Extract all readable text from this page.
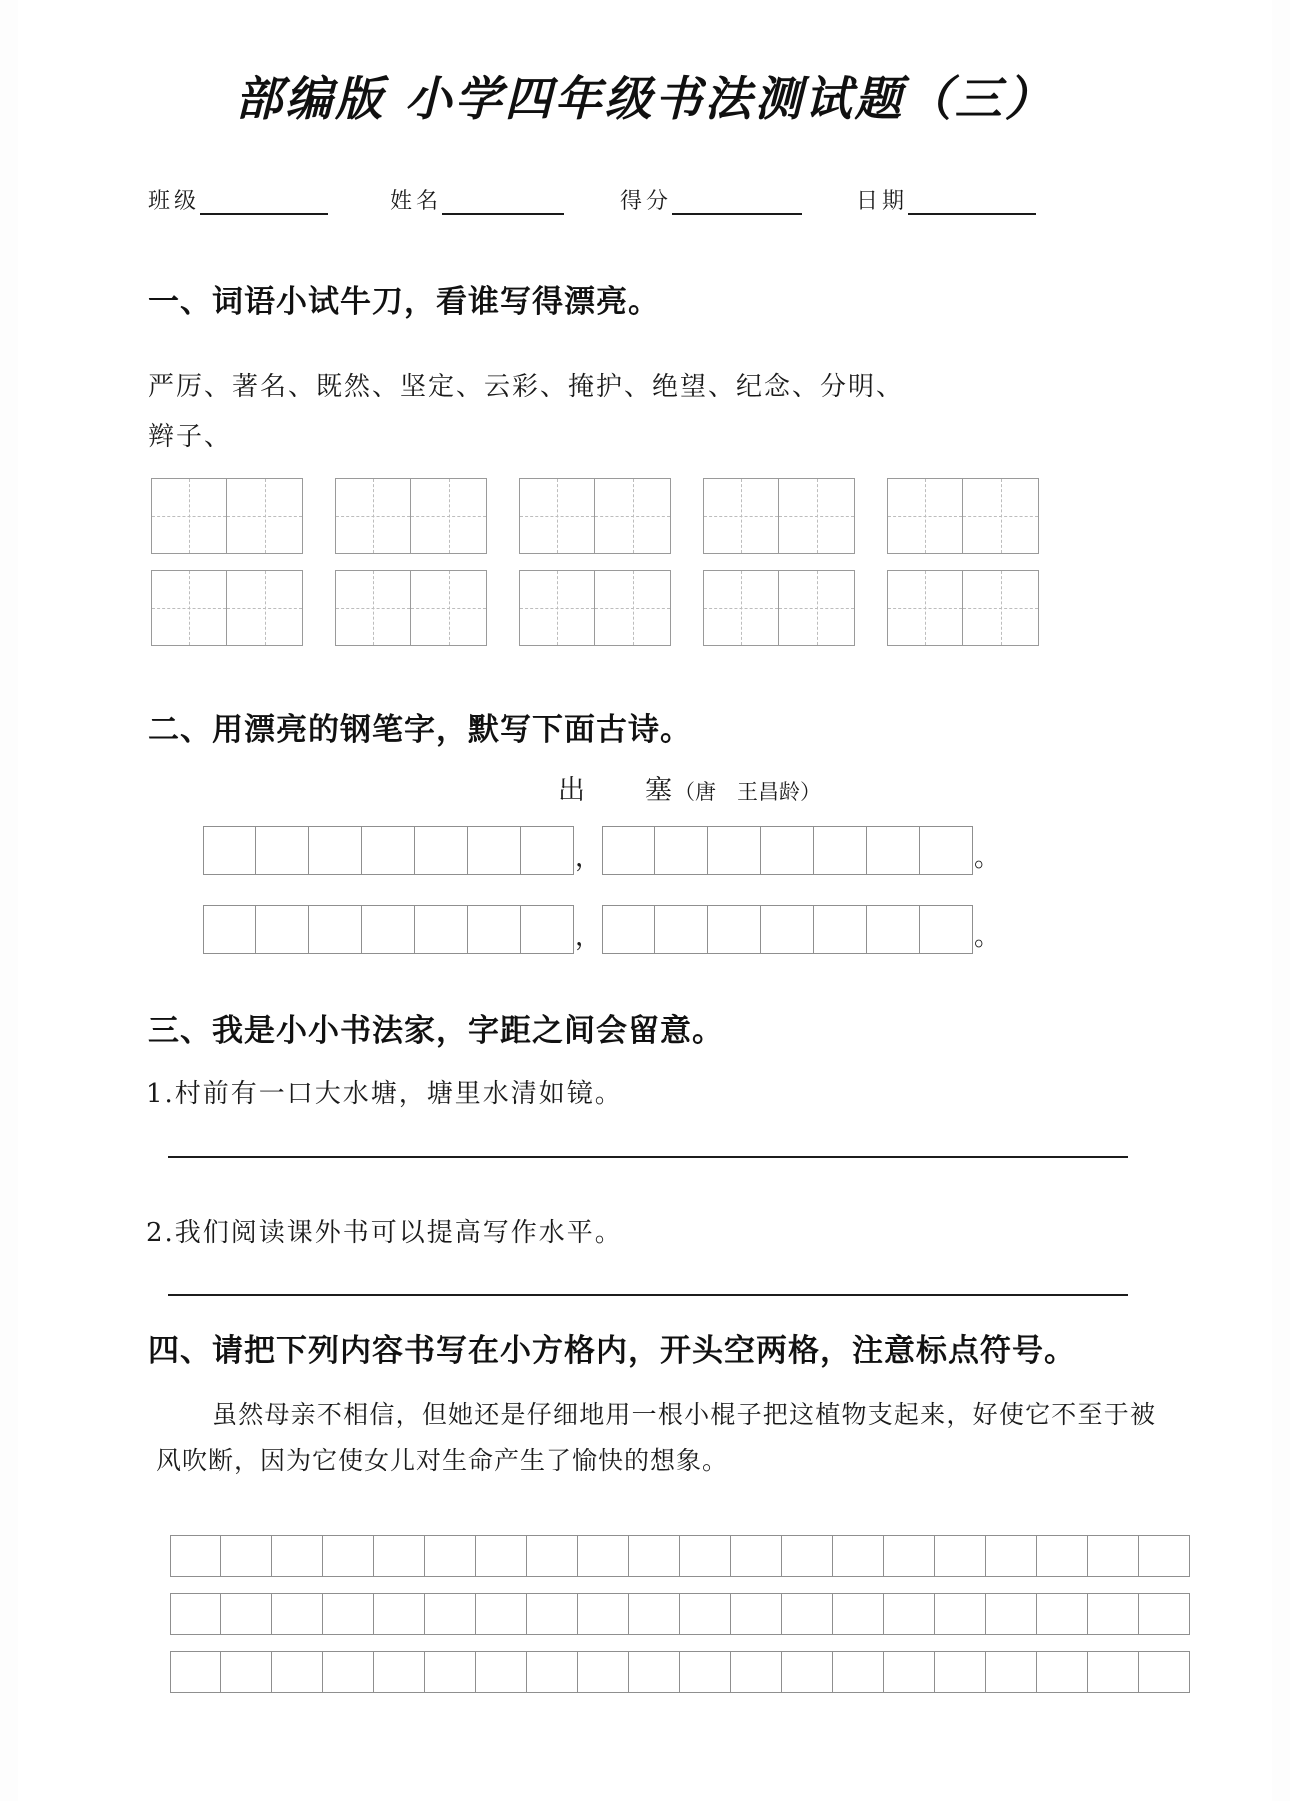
部编版 小学四年级书法测试题（三）
班级	姓名	得分	日期
一、词语小试牛刀，看谁写得漂亮。
严厉、著名、既然、坚定、云彩、掩护、绝望、纪念、分明、
辫子、
二、用漂亮的钢笔字，默写下面古诗。
出　　塞（唐　王昌龄）
，	。
，	。
三、我是小小书法家，字距之间会留意。
1.村前有一口大水塘，塘里水清如镜。
2.我们阅读课外书可以提高写作水平。
四、请把下列内容书写在小方格内，开头空两格，注意标点符号。
虽然母亲不相信，但她还是仔细地用一根小棍子把这植物支起来，好使它不至于被风吹断，因为它使女儿对生命产生了愉快的想象。
